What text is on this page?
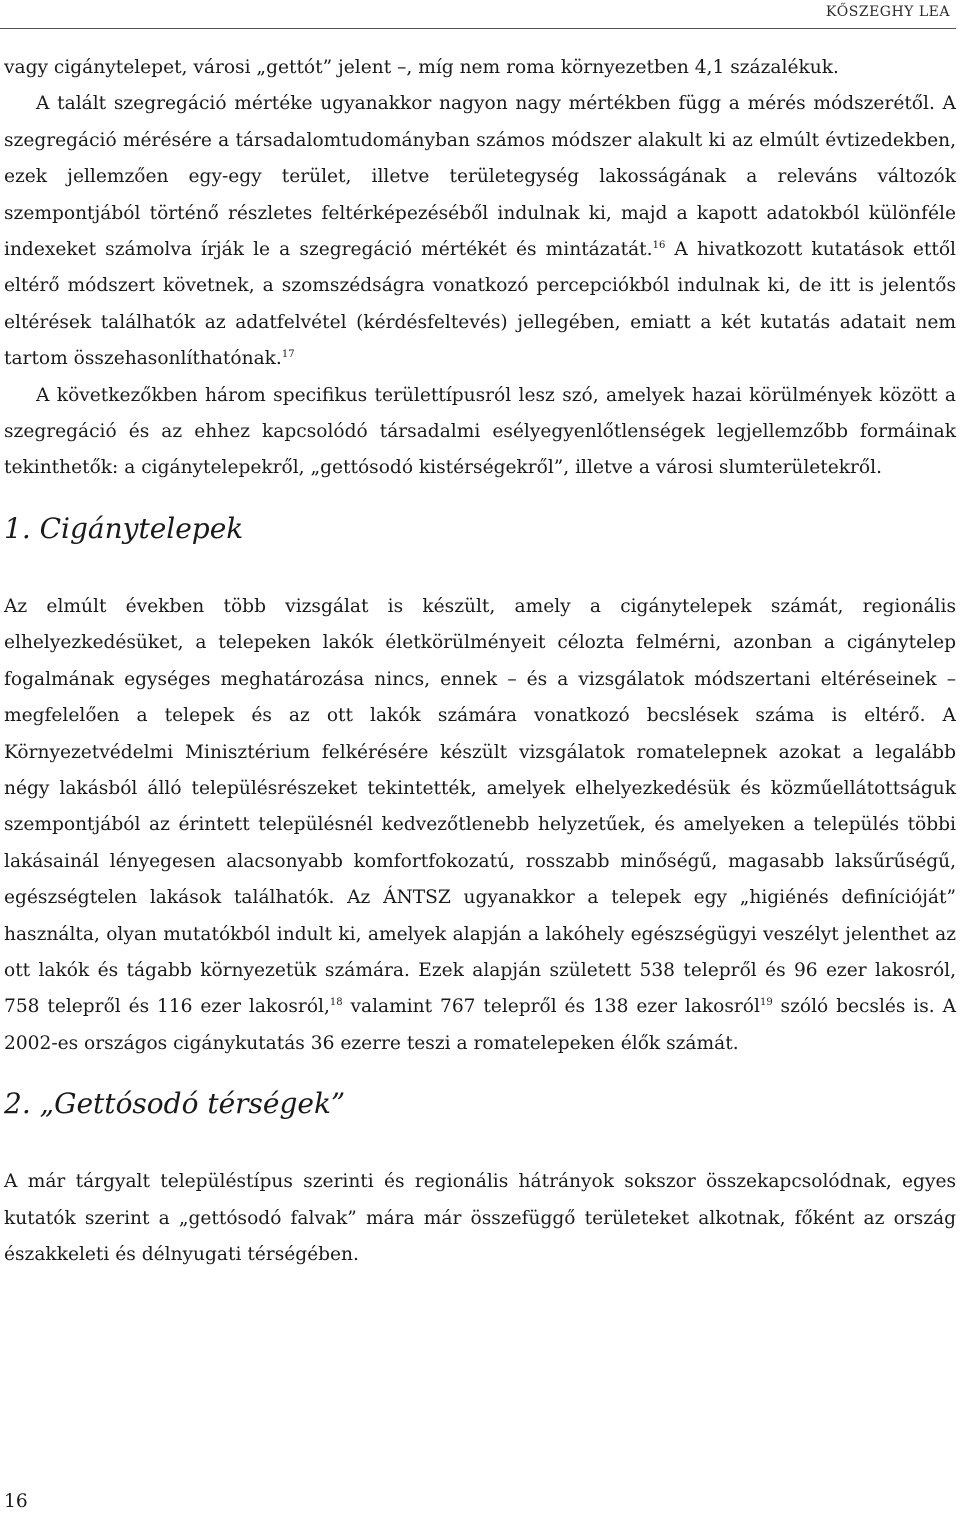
KŐSZEGHY LEA

vagy cigánytelepet, városi „gettót” jelent –, míg nem roma környezetben 4,1 százalékuk.

A talált szegregáció mértéke ugyanakkor nagyon nagy mértékben függ a mérés módszerétől. A szegregáció mérésére a társadalomtudományban számos módszer alakult ki az elmúlt évtizedekben, ezek jellemzően egy-egy terület, illetve területegység lakosságának a releváns változók szempontjából történő részletes feltérképezéséből indulnak ki, majd a kapott adatokból különféle indexeket számolva írják le a szegregáció mértékét és mintázatát.$^{16}$ A hivatkozott kutatások ettől eltérő módszert követnek, a szomszédságra vonatkozó percepciókból indulnak ki, de itt is jelentős eltérések találhatók az adatfelvétel (kérdésfeltevés) jellegében, emiatt a két kutatás adatait nem tartom összehasonlíthatónak.$^{17}$

A következőkben három specifikus területtípusról lesz szó, amelyek hazai körülmények között a szegregáció és az ehhez kapcsolódó társadalmi esélyegyenlőtlenségek legjellemzőbb formáinak tekinthetők: a cigánytelepekről, „gettósodó kistérségekről”, illetve a városi slumterületekről.

1. Cigánytelepek

Az elmúlt években több vizsgálat is készült, amely a cigánytelepek számát, regionális elhelyezkedésüket, a telepeken lakók életkörülményeit célozta felmérni, azonban a cigánytelep fogalmának egységes meghatározása nincs, ennek – és a vizsgálatok módszertani eltéréseinek – megfelelően a telepek és az ott lakók számára vonatkozó becslések száma is eltérő. A Környezetvédelmi Minisztérium felkérésére készült vizsgálatok romatelepnek azokat a legalább négy lakásból álló településrészeket tekintették, amelyek elhelyezkedésük és közműellátottságuk szempontjából az érintett településnél kedvezőtlenebb helyzetűek, és amelyeken a település többi lakásainál lényegesen alacsonyabb komfortfokozatú, rosszabb minőségű, magasabb laksűrűségű, egészségtelen lakások találhatók. Az ÁNTSZ ugyanakkor a telepek egy „higiénés definícióját” használta, olyan mutatókból indult ki, amelyek alapján a lakóhely egészségügyi veszélyt jelenthet az ott lakók és tágabb környezetük számára. Ezek alapján született 538 telepről és 96 ezer lakosról, 758 telepről és 116 ezer lakosról,$^{18}$ valamint 767 telepről és 138 ezer lakosról$^{19}$ szóló becslés is. A 2002-es országos cigánykutatás 36 ezerre teszi a romatelepeken élők számát.

2. „Gettósodó térségek”

A már tárgyalt településtípus szerinti és regionális hátrányok sokszor összekapcsolódnak, egyes kutatók szerint a „gettósodó falvak” mára már összefüggő területeket alkotnak, főként az ország északkeleti és délnyugati térségében.

16
